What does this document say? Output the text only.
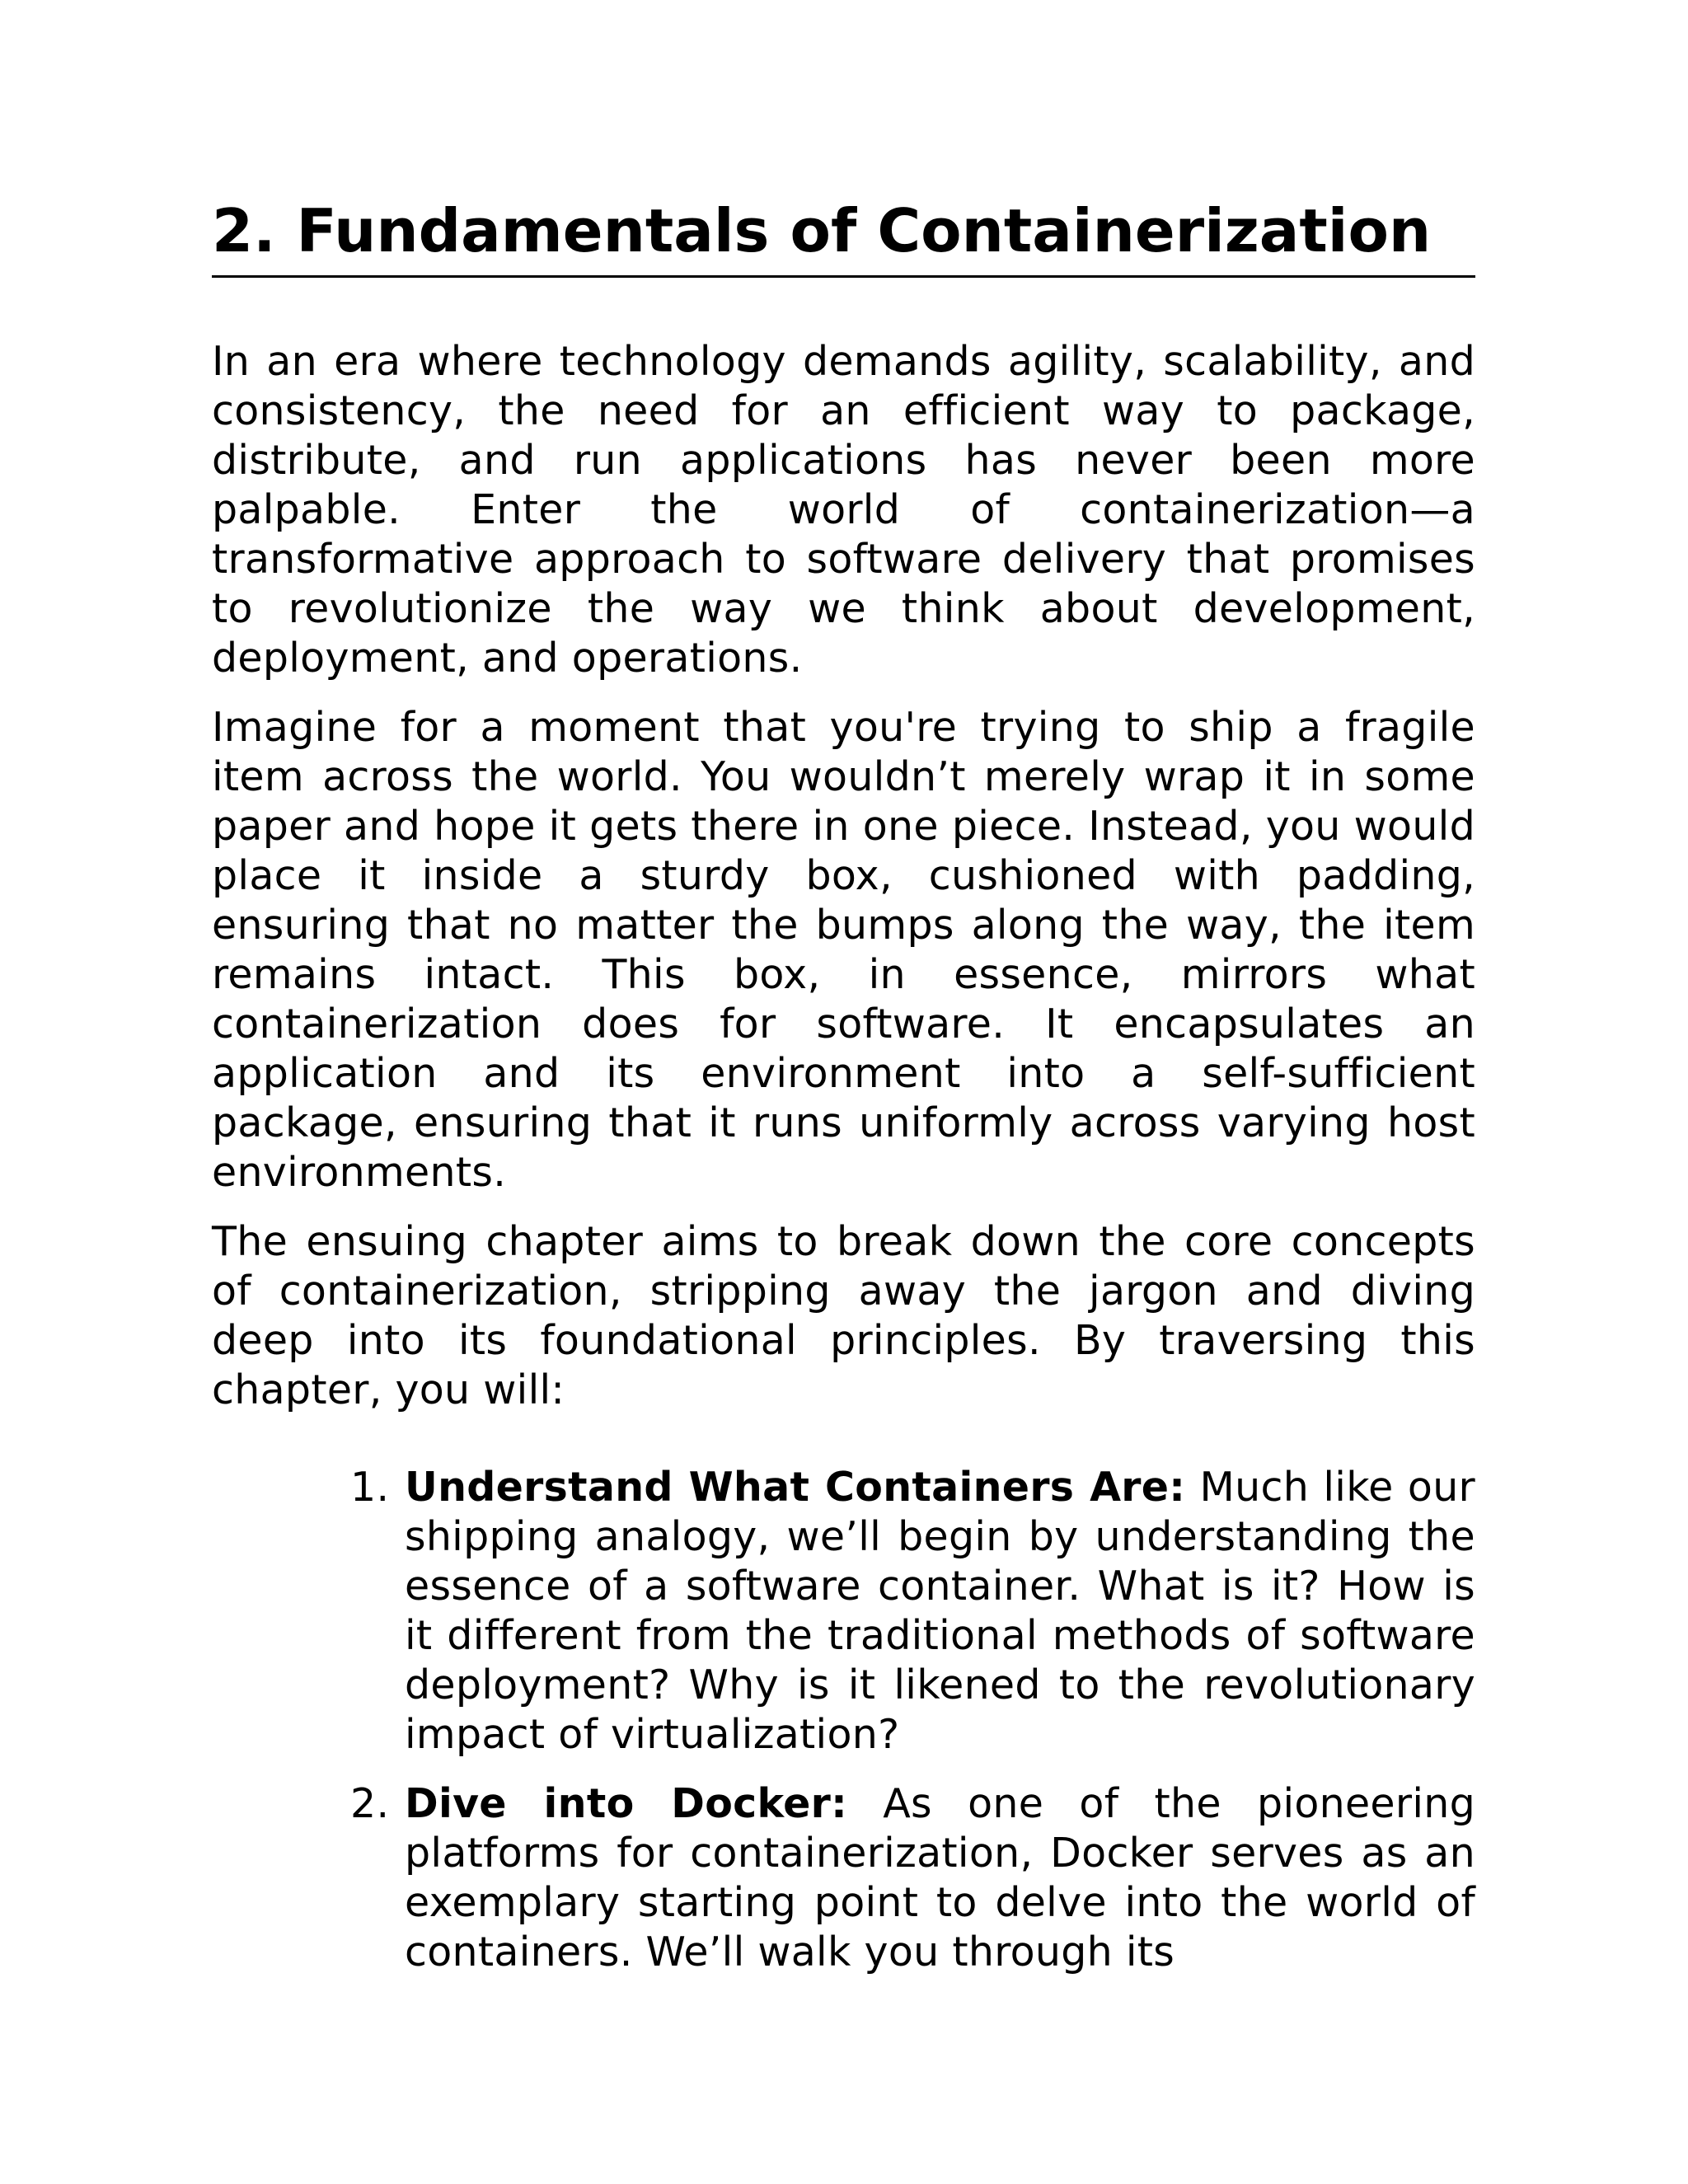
2. Fundamentals of Containerization

In an era where technology demands agility, scalability, and consistency, the need for an efficient way to package, distribute, and run applications has never been more palpable. Enter the world of containerization—a transformative approach to software delivery that promises to revolutionize the way we think about development, deployment, and operations.

Imagine for a moment that you're trying to ship a fragile item across the world. You wouldn’t merely wrap it in some paper and hope it gets there in one piece. Instead, you would place it inside a sturdy box, cushioned with padding, ensuring that no matter the bumps along the way, the item remains intact. This box, in essence, mirrors what containerization does for software. It encapsulates an application and its environment into a self-sufficient package, ensuring that it runs uniformly across varying host environments.

The ensuing chapter aims to break down the core concepts of containerization, stripping away the jargon and diving deep into its foundational principles. By traversing this chapter, you will:

1. Understand What Containers Are: Much like our shipping analogy, we’ll begin by understanding the essence of a software container. What is it? How is it different from the traditional methods of software deployment? Why is it likened to the revolutionary impact of virtualization?
2. Dive into Docker: As one of the pioneering platforms for containerization, Docker serves as an exemplary starting point to delve into the world of containers. We’ll walk you through its
